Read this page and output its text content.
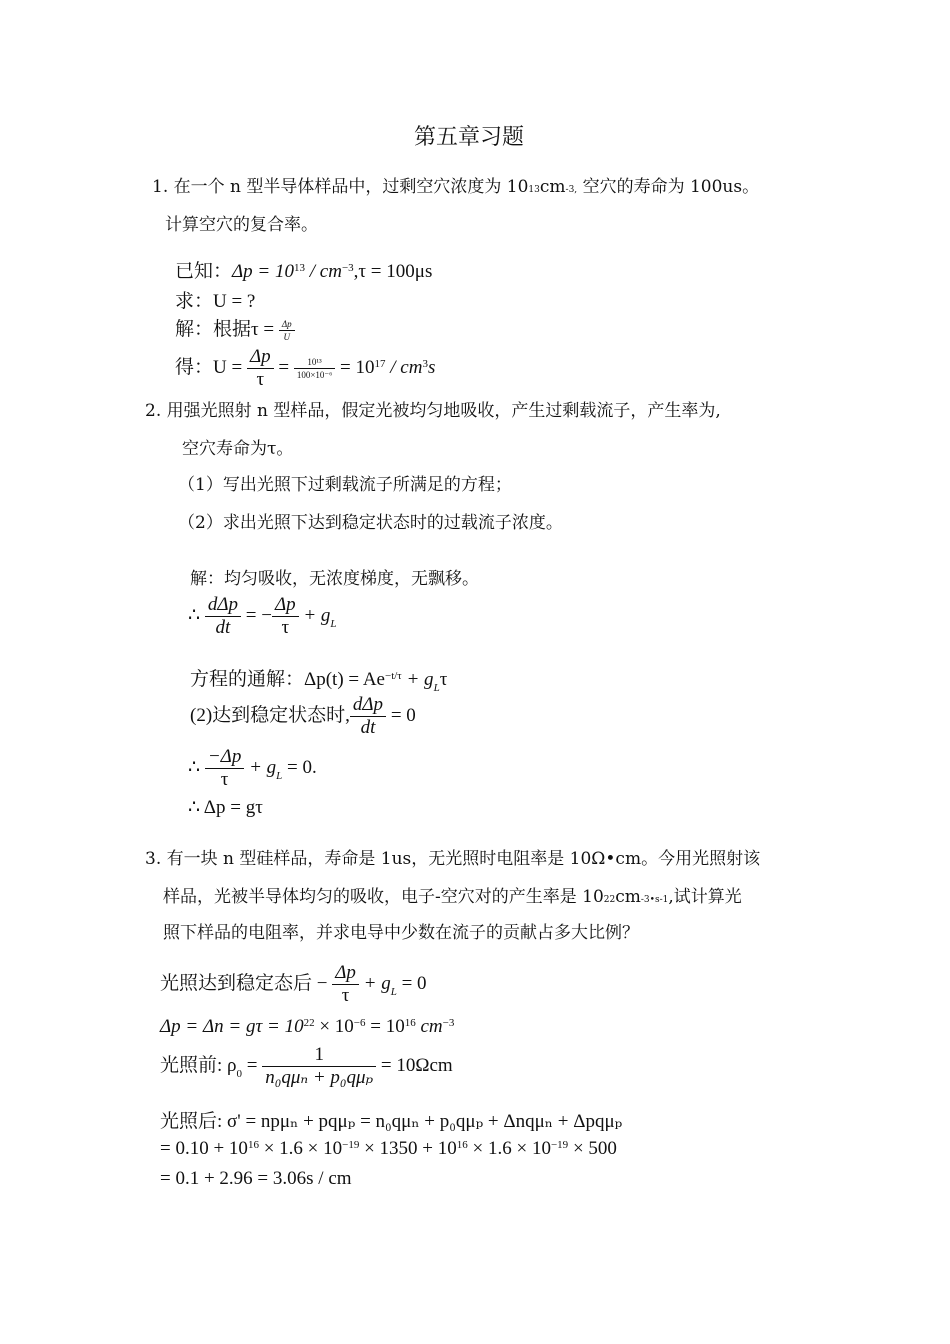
第五章习题
1. 在一个 n 型半导体样品中，过剩空穴浓度为 1013cm-3, 空穴的寿命为 100us。
计算空穴的复合率。
已知：$\Delta p = 10^{13} / cm^{-3},\tau = 100\mu s$
求：U = ?
解：根据$\tau = \frac{\Delta p}{U}$
得：$U = \frac{\Delta p}{\tau} = \frac{\text{10¹³}}{\text{100×10⁻⁶}} = 10^{17} / cm^3s$
2. 用强光照射 n 型样品，假定光被均匀地吸收，产生过剩载流子，产生率为,
空穴寿命为τ。
（1）写出光照下过剩载流子所满足的方程；
（2）求出光照下达到稳定状态时的过载流子浓度。
解：均匀吸收，无浓度梯度，无飘移。
∴ $\frac{\text{dΔp}}{dt}$ = − $\frac{\Delta p}{\tau} + g_L$
方程的通解：$\Delta p(t) = Ae^{-t/\tau} + g_L\tau$
(2)达到稳定状态时, $\frac{\text{dΔp}}{dt} = 0$
∴ $\frac{-\Delta p}{\tau} + g_L = 0$.
∴ Δp = gτ
3. 有一块 n 型硅样品，寿命是 1us，无光照时电阻率是 10Ω•cm。今用光照射该
样品，光被半导体均匀的吸收，电子-空穴对的产生率是 1022cm-3•s-1,试计算光
照下样品的电阻率，并求电导中少数在流子的贡献占多大比例？
光照达到稳定态后 − $\frac{\Delta p}{\tau} + g_L = 0$
$\Delta p = \Delta n = g\tau = 10^{22} \times 10^{-6} = 10^{16}$ $cm^{-3}$
光照前: $\rho_0 = \frac{1}{\text{n₀qμₙ + p₀qμₚ}} = 10\Omega cm$
光照后: σ' = npμₙ + pqμₚ = n₀qμₙ + p₀qμₚ + Δnqμₙ + Δpqμₚ
= $0.10 + 10^{16} \times 1.6 \times 10^{-19} \times 1350 + 10^{16} \times 1.6 \times 10^{-19} \times 500$
= 0.1 + 2.96 = 3.06s / cm
